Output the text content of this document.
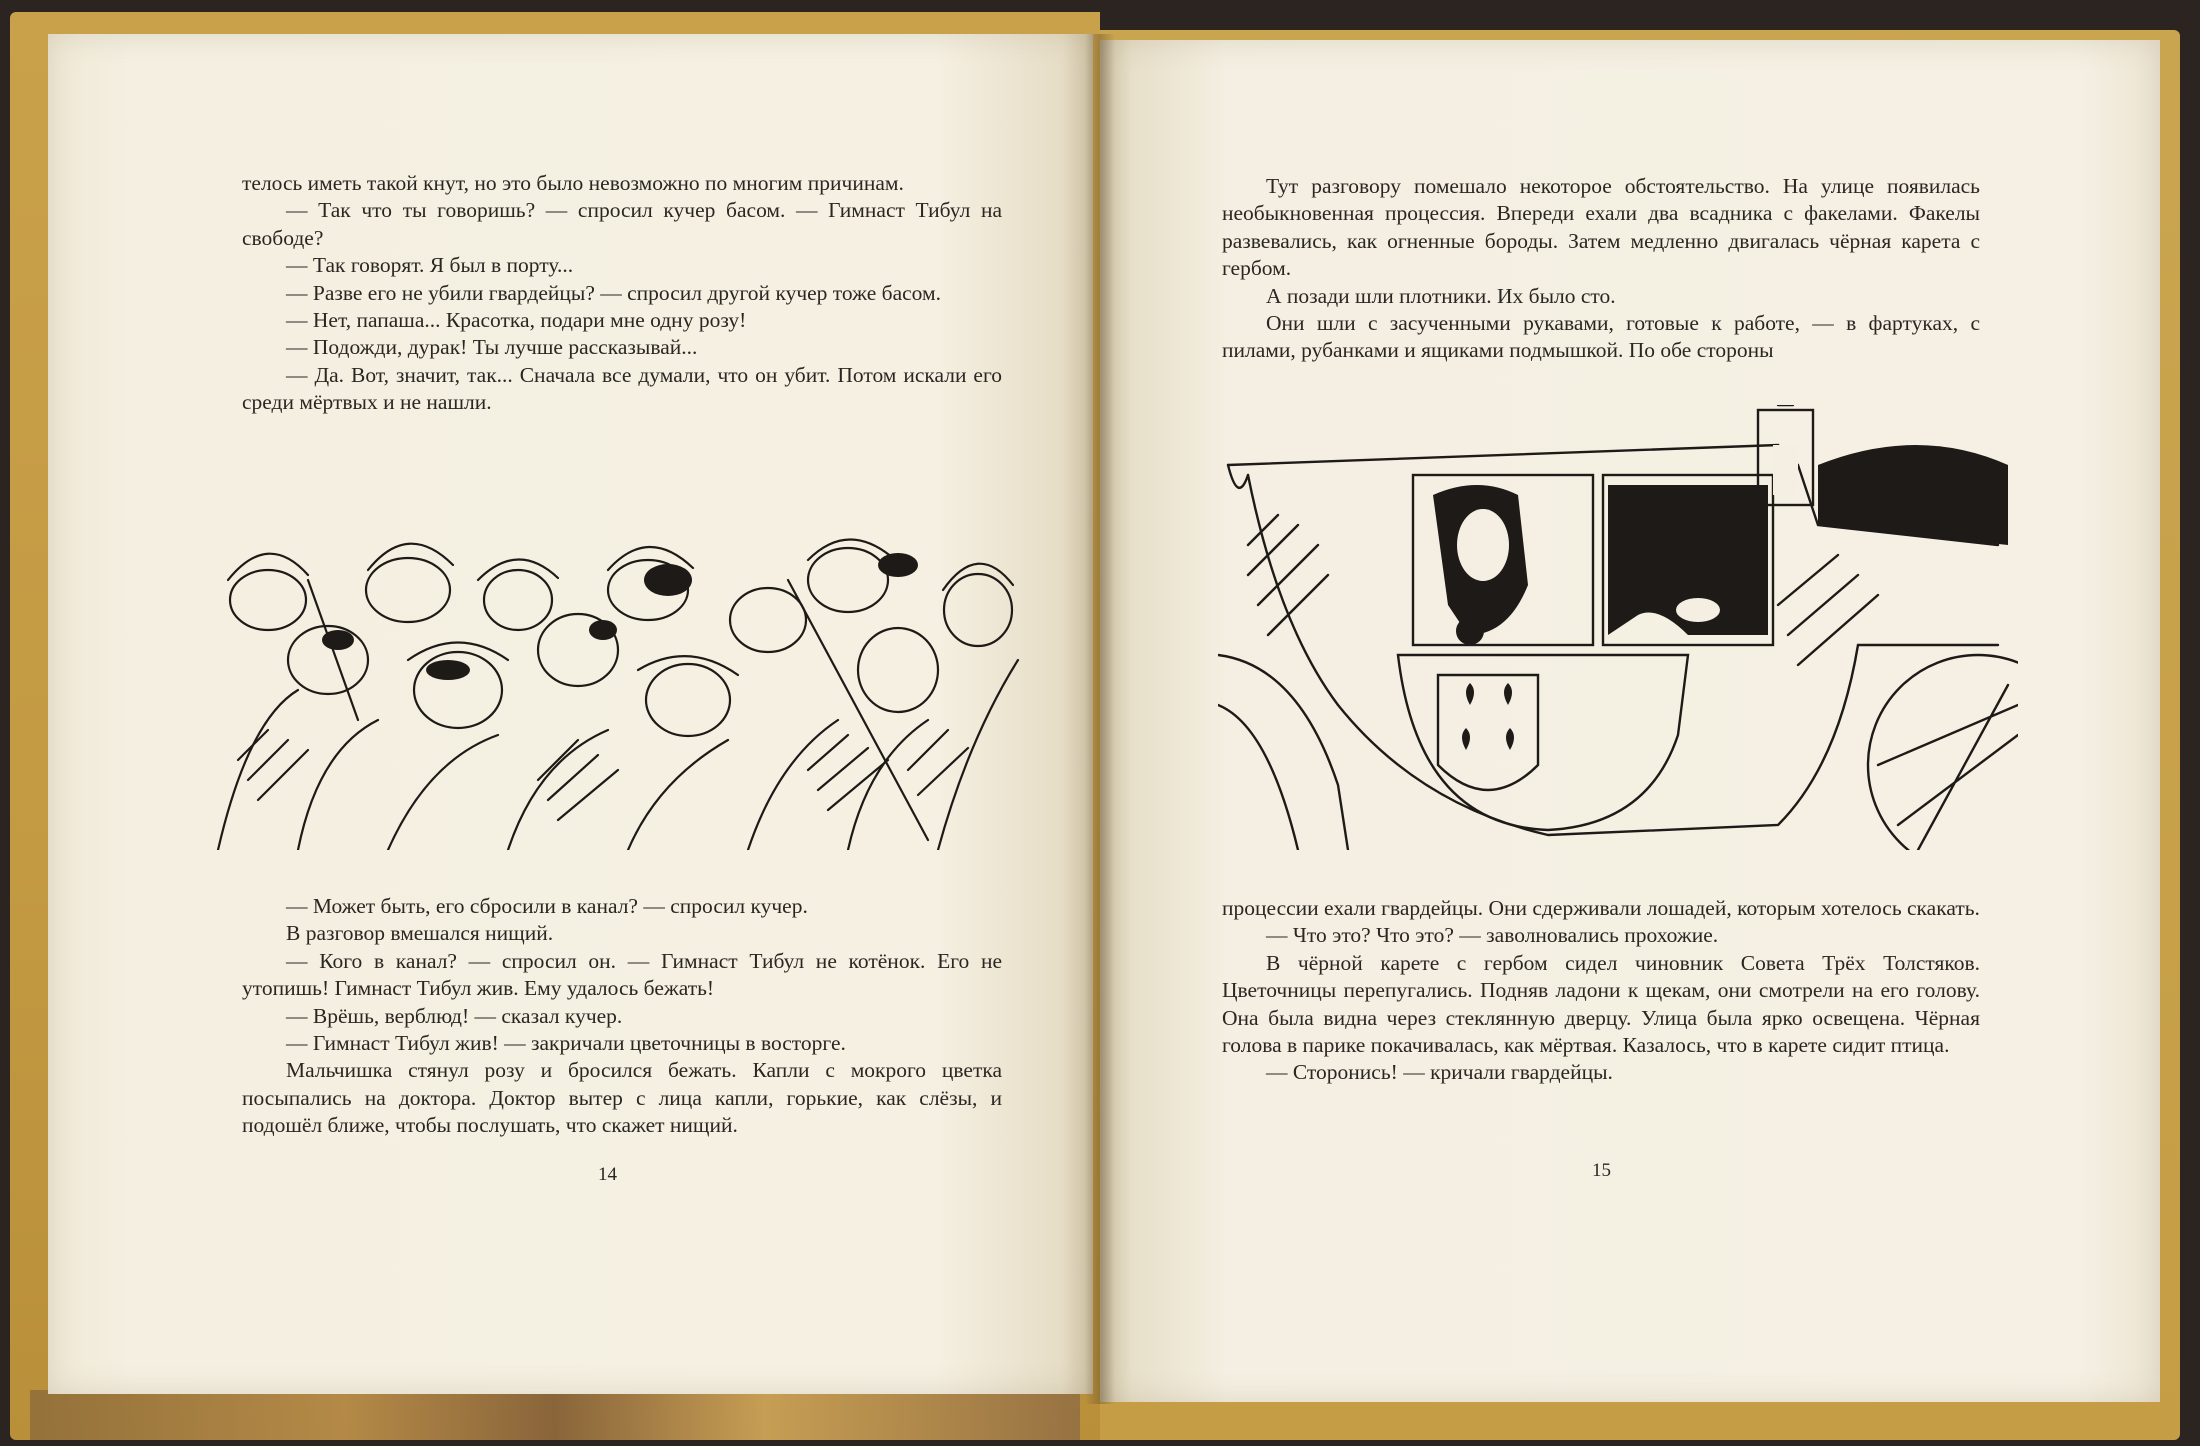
телось иметь такой кнут, но это было невозможно по многим причинам.

— Так что ты говоришь? — спросил кучер басом. — Гимнаст Тибул на свободе?

— Так говорят. Я был в порту...

— Разве его не убили гвардейцы? — спросил другой кучер тоже басом.

— Нет, папаша... Красотка, подари мне одну розу!

— Подожди, дурак! Ты лучше рассказывай...

— Да. Вот, значит, так... Сначала все думали, что он убит. Потом искали его среди мёртвых и не нашли.

— Может быть, его сбросили в канал? — спросил кучер.

В разговор вмешался нищий.

— Кого в канал? — спросил он. — Гимнаст Тибул не котёнок. Его не утопишь! Гимнаст Тибул жив. Ему удалось бежать!

— Врёшь, верблюд! — сказал кучер.

— Гимнаст Тибул жив! — закричали цветочницы в восторге.

Мальчишка стянул розу и бросился бежать. Капли с мокрого цветка посыпались на доктора. Доктор вытер с лица капли, горькие, как слёзы, и подошёл ближе, чтобы послушать, что скажет нищий.

14

Тут разговору помешало некоторое обстоятельство. На улице появилась необыкновенная процессия. Впереди ехали два всадника с факелами. Факелы развевались, как огненные бороды. Затем медленно двигалась чёрная карета с гербом.

А позади шли плотники. Их было сто.

Они шли с засученными рукавами, готовые к работе, — в фартуках, с пилами, рубанками и ящиками подмышкой. По обе стороны

процессии ехали гвардейцы. Они сдерживали лошадей, которым хотелось скакать.

— Что это? Что это? — заволновались прохожие.

В чёрной карете с гербом сидел чиновник Совета Трёх Толстяков. Цветочницы перепугались. Подняв ладони к щекам, они смотрели на его голову. Она была видна через стеклянную дверцу. Улица была ярко освещена. Чёрная голова в парике покачивалась, как мёртвая. Казалось, что в карете сидит птица.

— Сторонись! — кричали гвардейцы.

15
